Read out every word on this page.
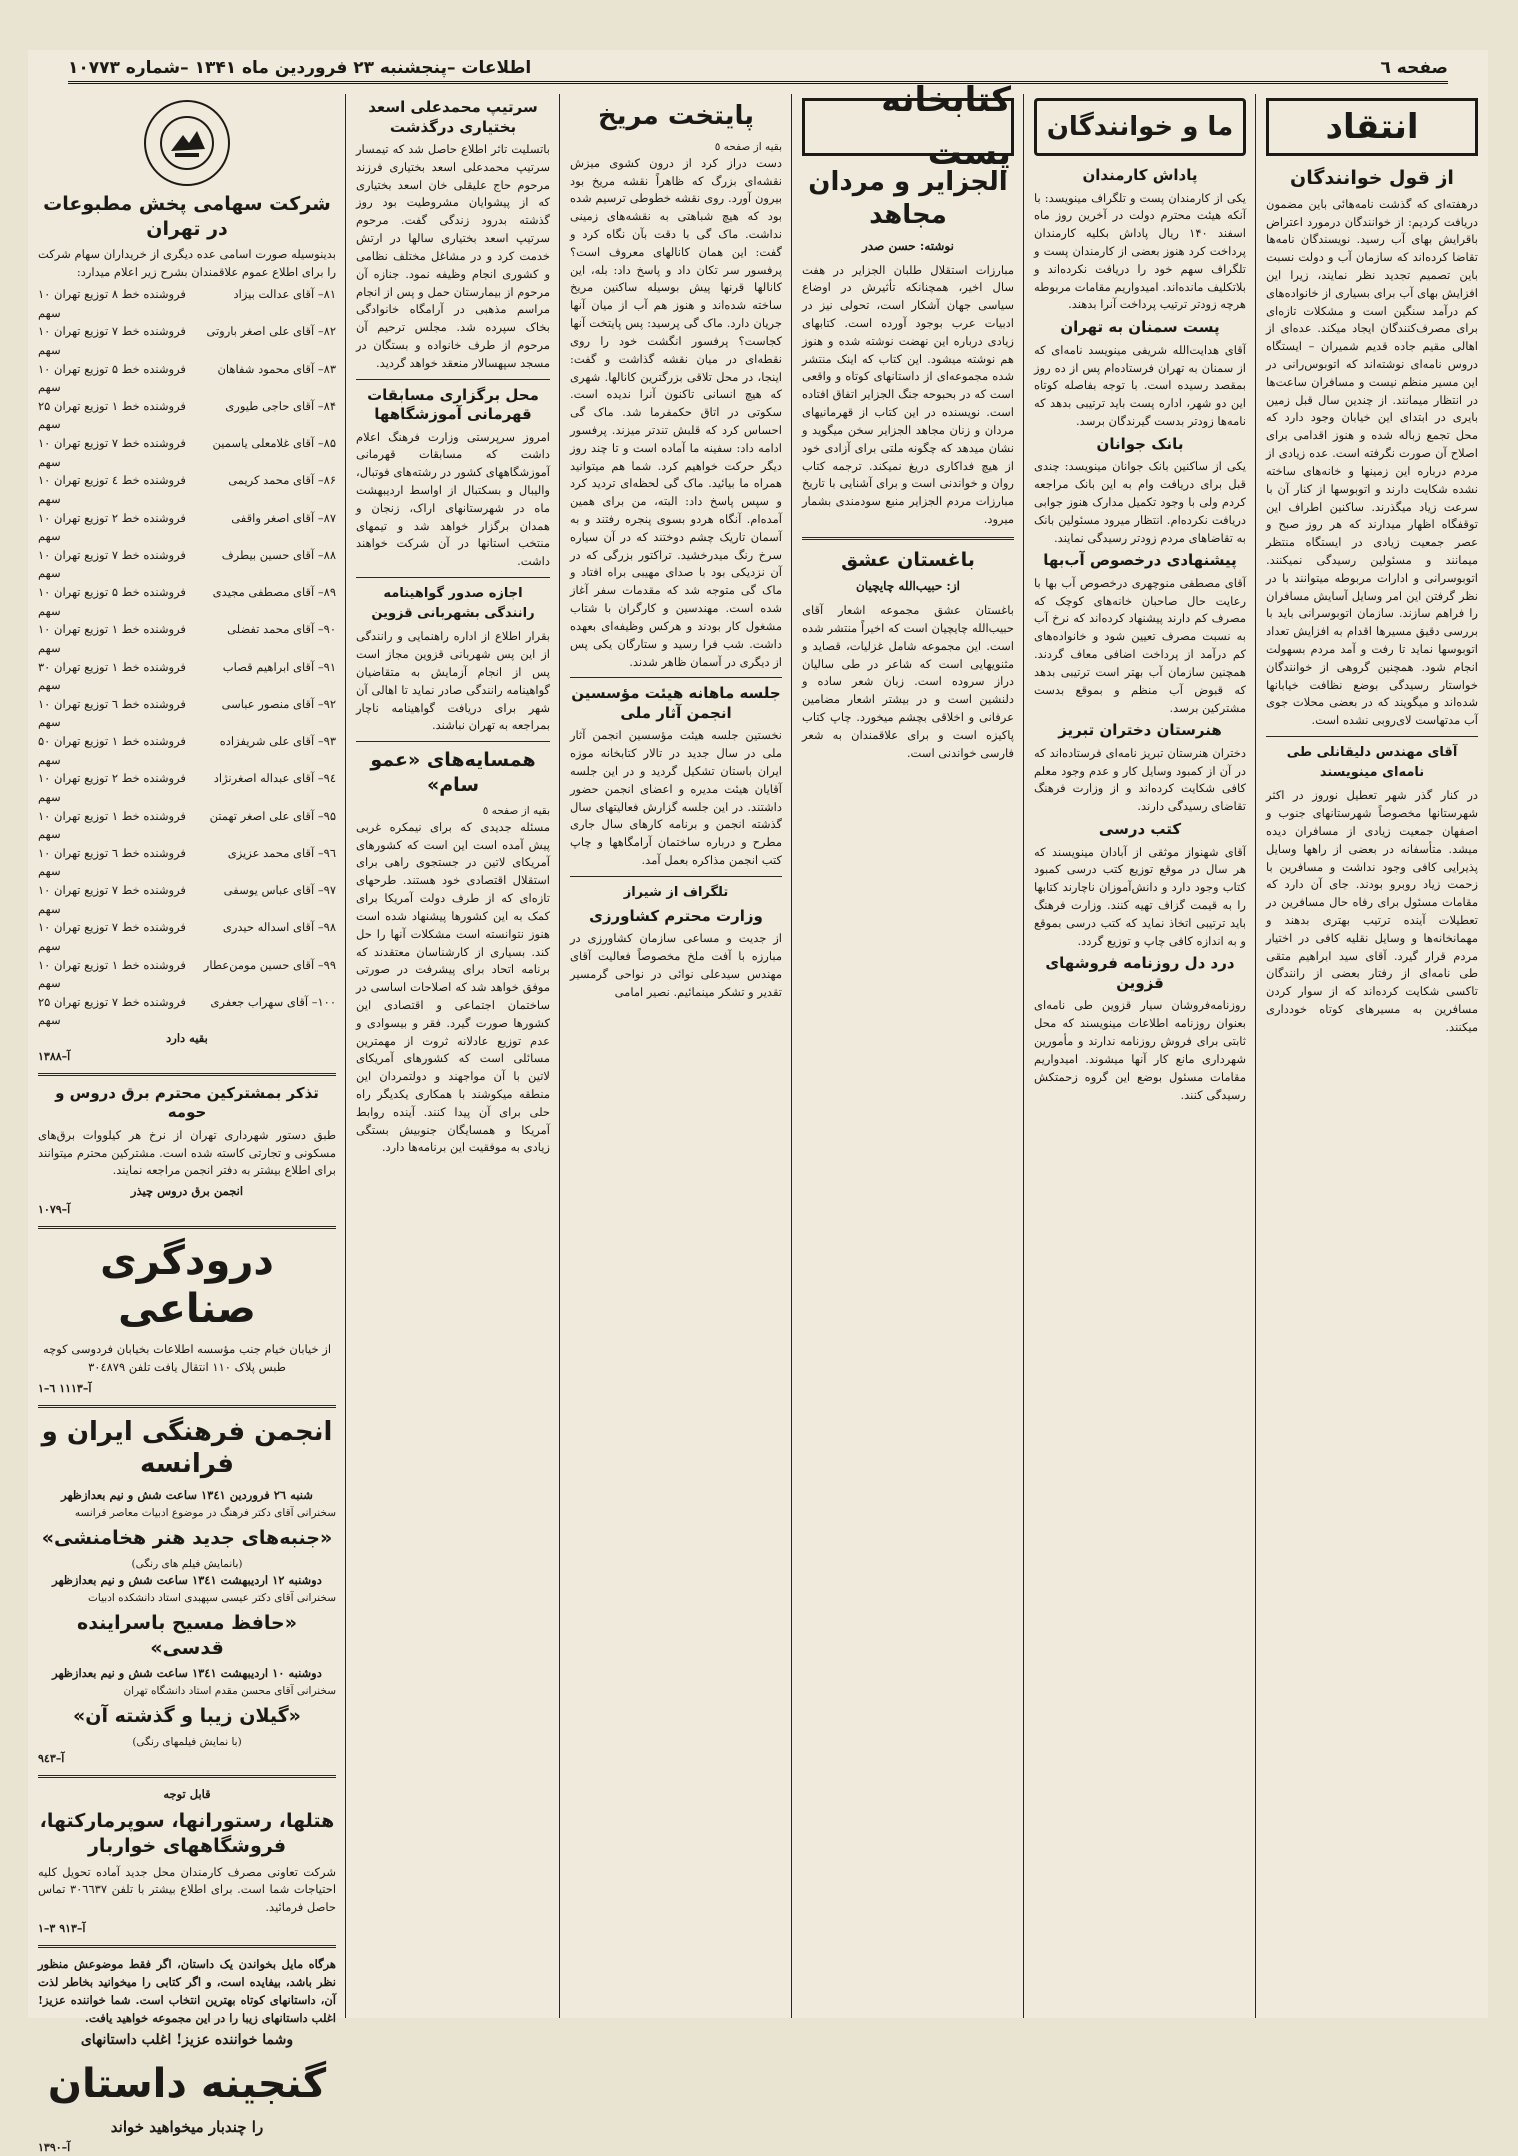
صفحه ٦
اطلاعات –پنجشنبه ۲۳ فروردین ماه ۱۳۴۱ –شماره ۱۰۷۷۳
انتقاد
از قول خوانندگان

درهفته‌ای که گذشت نامه‌هائی باین مضمون دریافت کردیم: از خوانندگان درمورد اعتراض باقرایش بهای آب رسید. نویسندگان نامه‌ها تقاضا کرده‌اند که سازمان آب و دولت نسبت باین تصمیم تجدید نظر نمایند، زیرا این افزایش بهای آب برای بسیاری از خانواده‌های کم درآمد سنگین است و مشکلات تازه‌ای برای مصرف‌کنندگان ایجاد میکند. عده‌ای از اهالی مقیم جاده قدیم شمیران – ایستگاه دروس نامه‌ای نوشته‌اند که اتوبوس‌رانی در این مسیر منظم نیست و مسافران ساعت‌ها در انتظار میمانند. از چندین سال قبل زمین بایری در ابتدای این خیابان وجود دارد که محل تجمع زباله شده و هنوز اقدامی برای اصلاح آن صورت نگرفته است. عده زیادی از مردم درباره این زمینها و خانه‌های ساخته نشده شکایت دارند و اتوبوسها از کنار آن با سرعت زیاد میگذرند. ساکنین اطراف این توقفگاه اظهار میدارند که هر روز صبح و عصر جمعیت زیادی در ایستگاه منتظر میمانند و مسئولین رسیدگی نمیکنند. اتوبوسرانی و ادارات مربوطه میتوانند با در نظر گرفتن این امر وسایل آسایش مسافران را فراهم سازند. سازمان اتوبوسرانی باید با بررسی دقیق مسیرها اقدام به افزایش تعداد اتوبوسها نماید تا رفت و آمد مردم بسهولت انجام شود. همچنین گروهی از خوانندگان خواستار رسیدگی بوضع نظافت خیابانها شده‌اند و میگویند که در بعضی محلات جوی آب مدتهاست لای‌روبی نشده است.

آقای مهندس دلیقانلی طی نامه‌ای مینویسند

در کنار گذر شهر تعطیل نوروز در اکثر شهرستانها مخصوصاً شهرستانهای جنوب و اصفهان جمعیت زیادی از مسافران دیده میشد. متأسفانه در بعضی از راهها وسایل پذیرایی کافی وجود نداشت و مسافرین با زحمت زیاد روبرو بودند. جای آن دارد که مقامات مسئول برای رفاه حال مسافرین در تعطیلات آینده ترتیب بهتری بدهند و مهمانخانه‌ها و وسایل نقلیه کافی در اختیار مردم قرار گیرد. آقای سید ابراهیم متقی طی نامه‌ای از رفتار بعضی از رانندگان تاکسی شکایت کرده‌اند که از سوار کردن مسافرین به مسیرهای کوتاه خودداری میکنند.

ما و خوانندگان
پاداش کارمندان

یکی از کارمندان پست و تلگراف مینویسد: با آنکه هیئت محترم دولت در آخرین روز ماه اسفند ۱۴۰ ریال پاداش بکلیه کارمندان پرداخت کرد هنوز بعضی از کارمندان پست و تلگراف سهم خود را دریافت نکرده‌اند و بلاتکلیف مانده‌اند. امیدواریم مقامات مربوطه هرچه زودتر ترتیب پرداخت آنرا بدهند.

پست سمنان به تهران

آقای هدایت‌الله شریفی مینویسد نامه‌ای که از سمنان به تهران فرستاده‌ام پس از ده روز بمقصد رسیده است. با توجه بفاصله کوتاه این دو شهر، اداره پست باید ترتیبی بدهد که نامه‌ها زودتر بدست گیرندگان برسد.

بانک جوانان

یکی از ساکنین بانک جوانان مینویسد: چندی قبل برای دریافت وام به این بانک مراجعه کردم ولی با وجود تکمیل مدارک هنوز جوابی دریافت نکرده‌ام. انتظار میرود مسئولین بانک به تقاضاهای مردم زودتر رسیدگی نمایند.

پیشنهادی درخصوص آب‌بها

آقای مصطفی منوچهری درخصوص آب بها با رعایت حال صاحبان خانه‌های کوچک که مصرف کم دارند پیشنهاد کرده‌اند که نرخ آب به نسبت مصرف تعیین شود و خانواده‌های کم درآمد از پرداخت اضافی معاف گردند. همچنین سازمان آب بهتر است ترتیبی بدهد که قبوض آب منظم و بموقع بدست مشترکین برسد.

هنرستان دختران تبریز

دختران هنرستان تبریز نامه‌ای فرستاده‌اند که در آن از کمبود وسایل کار و عدم وجود معلم کافی شکایت کرده‌اند و از وزارت فرهنگ تقاضای رسیدگی دارند.

کتب درسی

آقای شهنواز موثقی از آبادان مینویسند که هر سال در موقع توزیع کتب درسی کمبود کتاب وجود دارد و دانش‌آموزان ناچارند کتابها را به قیمت گزاف تهیه کنند. وزارت فرهنگ باید ترتیبی اتخاذ نماید که کتب درسی بموقع و به اندازه کافی چاپ و توزیع گردد.

درد دل روزنامه فروشهای قزوین

روزنامه‌فروشان سیار قزوین طی نامه‌ای بعنوان روزنامه اطلاعات مینویسند که محل ثابتی برای فروش روزنامه ندارند و مأمورین شهرداری مانع کار آنها میشوند. امیدواریم مقامات مسئول بوضع این گروه زحمتکش رسیدگی کنند.

کتابخانه پست
الجزایر و مردان مجاهد
نوشته: حسن صدر

مبارزات استقلال طلبان الجزایر در هفت سال اخیر، همچنانکه تأثیرش در اوضاع سیاسی جهان آشکار است، تحولی نیز در ادبیات عرب بوجود آورده است. کتابهای زیادی درباره این نهضت نوشته شده و هنوز هم نوشته میشود. این کتاب که اینک منتشر شده مجموعه‌ای از داستانهای کوتاه و واقعی است که در بحبوحه جنگ الجزایر اتفاق افتاده است. نویسنده در این کتاب از قهرمانیهای مردان و زنان مجاهد الجزایر سخن میگوید و نشان میدهد که چگونه ملتی برای آزادی خود از هیچ فداکاری دریغ نمیکند. ترجمه کتاب روان و خواندنی است و برای آشنایی با تاریخ مبارزات مردم الجزایر منبع سودمندی بشمار میرود.

باغستان عشق
از: حبیب‌الله چایچیان

باغستان عشق مجموعه اشعار آقای حبیب‌الله چایچیان است که اخیراً منتشر شده است. این مجموعه شامل غزلیات، قصاید و مثنویهایی است که شاعر در طی سالیان دراز سروده است. زبان شعر ساده و دلنشین است و در بیشتر اشعار مضامین عرفانی و اخلاقی بچشم میخورد. چاپ کتاب پاکیزه است و برای علاقمندان به شعر فارسی خواندنی است.

پایتخت مریخ
بقیه از صفحه ٥

دست دراز کرد از درون کشوی میزش نقشه‌ای بزرگ که ظاهراً نقشه مریخ بود بیرون آورد. روی نقشه خطوطی ترسیم شده بود که هیچ شباهتی به نقشه‌های زمینی نداشت. ماک گی با دقت بآن نگاه کرد و گفت: این همان کانالهای معروف است؟ پرفسور سر تکان داد و پاسخ داد: بله، این کانالها قرنها پیش بوسیله ساکنین مریخ ساخته شده‌اند و هنوز هم آب از میان آنها جریان دارد. ماک گی پرسید: پس پایتخت آنها کجاست؟ پرفسور انگشت خود را روی نقطه‌ای در میان نقشه گذاشت و گفت: اینجا، در محل تلاقی بزرگترین کانالها. شهری که هیچ انسانی تاکنون آنرا ندیده است. سکوتی در اتاق حکمفرما شد. ماک گی احساس کرد که قلبش تندتر میزند. پرفسور ادامه داد: سفینه ما آماده است و تا چند روز دیگر حرکت خواهیم کرد. شما هم میتوانید همراه ما بیائید. ماک گی لحظه‌ای تردید کرد و سپس پاسخ داد: البته، من برای همین آمده‌ام. آنگاه هردو بسوی پنجره رفتند و به آسمان تاریک چشم دوختند که در آن سیاره سرخ رنگ میدرخشید. تراکتور بزرگی که در آن نزدیکی بود با صدای مهیبی براه افتاد و ماک گی متوجه شد که مقدمات سفر آغاز شده است. مهندسین و کارگران با شتاب مشغول کار بودند و هرکس وظیفه‌ای بعهده داشت. شب فرا رسید و ستارگان یکی پس از دیگری در آسمان ظاهر شدند.

جلسه ماهانه هیئت مؤسسین انجمن آثار ملی

نخستین جلسه هیئت مؤسسین انجمن آثار ملی در سال جدید در تالار کتابخانه موزه ایران باستان تشکیل گردید و در این جلسه آقایان هیئت مدیره و اعضای انجمن حضور داشتند. در این جلسه گزارش فعالیتهای سال گذشته انجمن و برنامه کارهای سال جاری مطرح و درباره ساختمان آرامگاهها و چاپ کتب انجمن مذاکره بعمل آمد.

تلگراف از شیراز
وزارت محترم کشاورزی

از جدیت و مساعی سازمان کشاورزی در مبارزه با آفت ملخ مخصوصاً فعالیت آقای مهندس سیدعلی نوائی در نواحی گرمسیر تقدیر و تشکر مینمائیم. نصیر امامی

سرتیپ محمدعلی اسعد بختیاری درگذشت

باتسلیت تاثر اطلاع حاصل شد که تیمسار سرتیپ محمدعلی اسعد بختیاری فرزند مرحوم حاج علیقلی خان اسعد بختیاری که از پیشوایان مشروطیت بود روز گذشته بدرود زندگی گفت. مرحوم سرتیپ اسعد بختیاری سالها در ارتش خدمت کرد و در مشاغل مختلف نظامی و کشوری انجام وظیفه نمود. جنازه آن مرحوم از بیمارستان حمل و پس از انجام مراسم مذهبی در آرامگاه خانوادگی بخاک سپرده شد. مجلس ترحیم آن مرحوم از طرف خانواده و بستگان در مسجد سپهسالار منعقد خواهد گردید.

محل برگزاری مسابقات قهرمانی آموزشگاهها

امروز سرپرستی وزارت فرهنگ اعلام داشت که مسابقات قهرمانی آموزشگاههای کشور در رشته‌های فوتبال، والیبال و بسکتبال از اواسط اردیبهشت ماه در شهرستانهای اراک، زنجان و همدان برگزار خواهد شد و تیمهای منتخب استانها در آن شرکت خواهند داشت.

اجازه صدور گواهینامه رانندگی بشهربانی قزوین

بقرار اطلاع از اداره راهنمایی و رانندگی از این پس شهربانی قزوین مجاز است پس از انجام آزمایش به متقاضیان گواهینامه رانندگی صادر نماید تا اهالی آن شهر برای دریافت گواهینامه ناچار بمراجعه به تهران نباشند.

همسایه‌های «عمو سام»
بقیه از صفحه ٥

مسئله جدیدی که برای نیمکره غربی پیش آمده است این است که کشورهای آمریکای لاتین در جستجوی راهی برای استقلال اقتصادی خود هستند. طرحهای تازه‌ای که از طرف دولت آمریکا برای کمک به این کشورها پیشنهاد شده است هنوز نتوانسته است مشکلات آنها را حل کند. بسیاری از کارشناسان معتقدند که برنامه اتحاد برای پیشرفت در صورتی موفق خواهد شد که اصلاحات اساسی در ساختمان اجتماعی و اقتصادی این کشورها صورت گیرد. فقر و بیسوادی و عدم توزیع عادلانه ثروت از مهمترین مسائلی است که کشورهای آمریکای لاتین با آن مواجهند و دولتمردان این منطقه میکوشند با همکاری یکدیگر راه حلی برای آن پیدا کنند. آینده روابط آمریکا و همسایگان جنوبیش بستگی زیادی به موفقیت این برنامه‌ها دارد.

شرکت سهامی پخش مطبوعات در تهران

بدینوسیله صورت اسامی عده دیگری از خریداران سهام شرکت را برای اطلاع عموم علاقمندان بشرح زیر اعلام میدارد:

۸۱– آقای عدالت بیزاد
فروشنده خط ۸ توزیع تهران ۱۰ سهم
۸۲– آقای علی اصغر باروتی
فروشنده خط ۷ توزیع تهران ۱۰ سهم
۸۳– آقای محمود شفاهان
فروشنده خط ۵ توزیع تهران ۱۰ سهم
۸۴– آقای حاجی طیوری
فروشنده خط ۱ توزیع تهران ۲۵ سهم
۸۵– آقای غلامعلی یاسمین
فروشنده خط ۷ توزیع تهران ۱۰ سهم
۸۶– آقای محمد کریمی
فروشنده خط ٤ توزیع تهران ۱۰ سهم
۸۷– آقای اصغر واقفی
فروشنده خط ۲ توزیع تهران ۱۰ سهم
۸۸– آقای حسین بیطرف
فروشنده خط ۷ توزیع تهران ۱۰ سهم
۸۹– آقای مصطفی مجیدی
فروشنده خط ۵ توزیع تهران ۱۰ سهم
۹۰– آقای محمد تفضلی
فروشنده خط ۱ توزیع تهران ۱۰ سهم
۹۱– آقای ابراهیم قصاب
فروشنده خط ۱ توزیع تهران ۳۰ سهم
۹۲– آقای منصور عباسی
فروشنده خط ٦ توزیع تهران ۱۰ سهم
۹۳– آقای علی شریفزاده
فروشنده خط ۱ توزیع تهران ۵۰ سهم
۹٤– آقای عبداله اصغرنژاد
فروشنده خط ۲ توزیع تهران ۱۰ سهم
۹۵– آقای علی اصغر تهمتن
فروشنده خط ۱ توزیع تهران ۱۰ سهم
۹٦– آقای محمد عزیزی
فروشنده خط ٦ توزیع تهران ۱۰ سهم
۹۷– آقای عباس یوسفی
فروشنده خط ۷ توزیع تهران ۱۰ سهم
۹۸– آقای اسداله حیدری
فروشنده خط ۷ توزیع تهران ۱۰ سهم
۹۹– آقای حسین مومن‌عطار
فروشنده خط ۱ توزیع تهران ۱۰ سهم
۱۰۰– آقای سهراب جعفری
فروشنده خط ۷ توزیع تهران ۲۵ سهم
بقیه دارد
آ–۱۳۸۸
تذکر بمشترکین محترم برق دروس و حومه

طبق دستور شهرداری تهران از نرخ هر کیلووات برق‌های مسکونی و تجارتی کاسته شده است. مشترکین محترم میتوانند برای اطلاع بیشتر به دفتر انجمن مراجعه نمایند.

انجمن برق دروس چیذر
آ–۱۰۷۹
درودگری صناعی

از خیابان خیام جنب مؤسسه اطلاعات بخیابان فردوسی کوچه طبس پلاک ۱۱۰ انتقال یافت تلفن ۳۰٤۸۷۹

آ–۱۱۱۳ ٦–۱
انجمن فرهنگی ایران و فرانسه
شنبه ۲٦ فروردین ۱۳٤۱ ساعت شش و نیم بعدازظهر

سخنرانی آقای دکتر فرهنگ در موضوع ادبیات معاصر فرانسه

«جنبه‌های جدید هنر هخامنشی»
(بانمایش فیلم های رنگی)
دوشنبه ۱۲ اردیبهشت ۱۳٤۱ ساعت شش و نیم بعدازظهر

سخنرانی آقای دکتر عیسی سپهبدی استاد دانشکده ادبیات

«حافظ مسیح باسراینده قدسی»
دوشنبه ۱۰ اردیبهشت ۱۳٤۱ ساعت شش و نیم بعدازظهر

سخنرانی آقای محسن مقدم استاد دانشگاه تهران

«گیلان زیبا و گذشته آن»
(با نمایش فیلمهای رنگی)
آ–۹٤۳
قابل توجه
هتلها، رستورانها، سوپرمارکتها، فروشگاههای خواربار

شرکت تعاونی مصرف کارمندان محل جدید آماده تحویل کلیه احتیاجات شما است. برای اطلاع بیشتر با تلفن ۳۰٦٦۳۷ تماس حاصل فرمائید.

آ–۹۱۳ ۳–۱

هرگاه مایل بخواندن یک داستان، اگر فقط موضوعش منظور نظر باشد، بیفایده است، و اگر کتابی را میخوانید بخاطر لذت آن، داستانهای کوتاه بهترین انتخاب است. شما خواننده عزیز! اغلب داستانهای زیبا را در این مجموعه خواهید یافت.

وشما خواننده عزیز! اغلب داستانهای
گنجینه داستان
را چندبار میخواهید خواند
آ–۱۳۹۰
